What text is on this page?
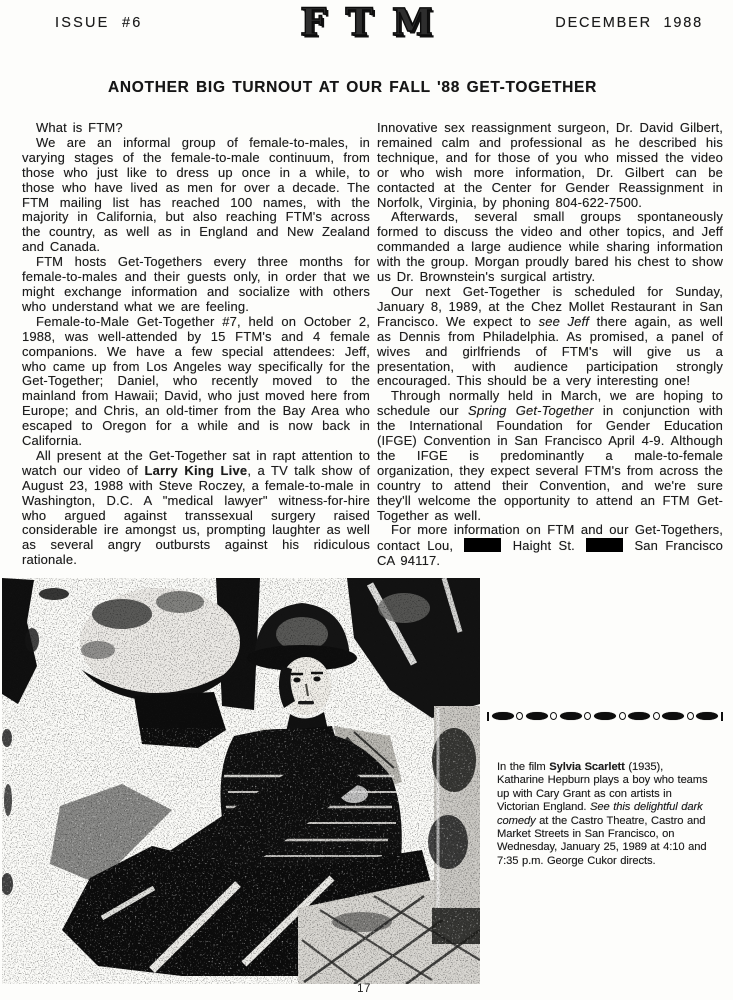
ISSUE  #6	FTM	DECEMBER  1988
ANOTHER BIG TURNOUT AT OUR FALL '88 GET-TOGETHER

What is FTM?

We are an informal group of female-to-males, in varying stages of the female-to-male continuum, from those who just like to dress up once in a while, to those who have lived as men for over a decade. The FTM mailing list has reached 100 names, with the majority in California, but also reaching FTM's across the country, as well as in England and New Zealand and Canada.

FTM hosts Get-Togethers every three months for female-to-males and their guests only, in order that we might exchange information and socialize with others who understand what we are feeling.

Female-to-Male Get-Together #7, held on October 2, 1988, was well-attended by 15 FTM's and 4 female companions. We have a few special attendees: Jeff, who came up from Los Angeles way specifically for the Get-Together; Daniel, who recently moved to the mainland from Hawaii; David, who just moved here from Europe; and Chris, an old-timer from the Bay Area who escaped to Oregon for a while and is now back in California.

All present at the Get-Together sat in rapt attention to watch our video of Larry King Live, a TV talk show of August 23, 1988 with Steve Roczey, a female-to-male in Washington, D.C. A "medical lawyer" witness-for-hire who argued against transsexual surgery raised considerable ire amongst us, prompting laughter as well as several angry outbursts against his ridiculous rationale.

Innovative sex reassignment surgeon, Dr. David Gilbert, remained calm and professional as he described his technique, and for those of you who missed the video or who wish more information, Dr. Gilbert can be contacted at the Center for Gender Reassignment in Norfolk, Virginia, by phoning 804-622-7500.

Afterwards, several small groups spontaneously formed to discuss the video and other topics, and Jeff commanded a large audience while sharing information with the group. Morgan proudly bared his chest to show us Dr. Brownstein's surgical artistry.

Our next Get-Together is scheduled for Sunday, January 8, 1989, at the Chez Mollet Restaurant in San Francisco. We expect to see Jeff there again, as well as Dennis from Philadelphia. As promised, a panel of wives and girlfriends of FTM's will give us a presentation, with audience participation strongly encouraged. This should be a very interesting one!

Through normally held in March, we are hoping to schedule our Spring Get-Together in conjunction with the International Foundation for Gender Education (IFGE) Convention in San Francisco April 4-9. Although the IFGE is predominantly a male-to-female organization, they expect several FTM's from across the country to attend their Convention, and we're sure they'll welcome the opportunity to attend an FTM Get-Together as well.

For more information on FTM and our Get-Togethers, contact Lou,	Haight St.	San Francisco CA 94117.

In the film Sylvia Scarlett (1935), Katharine Hepburn plays a boy who teams up with Cary Grant as con artists in Victorian England. See this delightful dark comedy at the Castro Theatre, Castro and Market Streets in San Francisco, on Wednesday, January 25, 1989 at 4:10 and 7:35 p.m. George Cukor directs.
17
